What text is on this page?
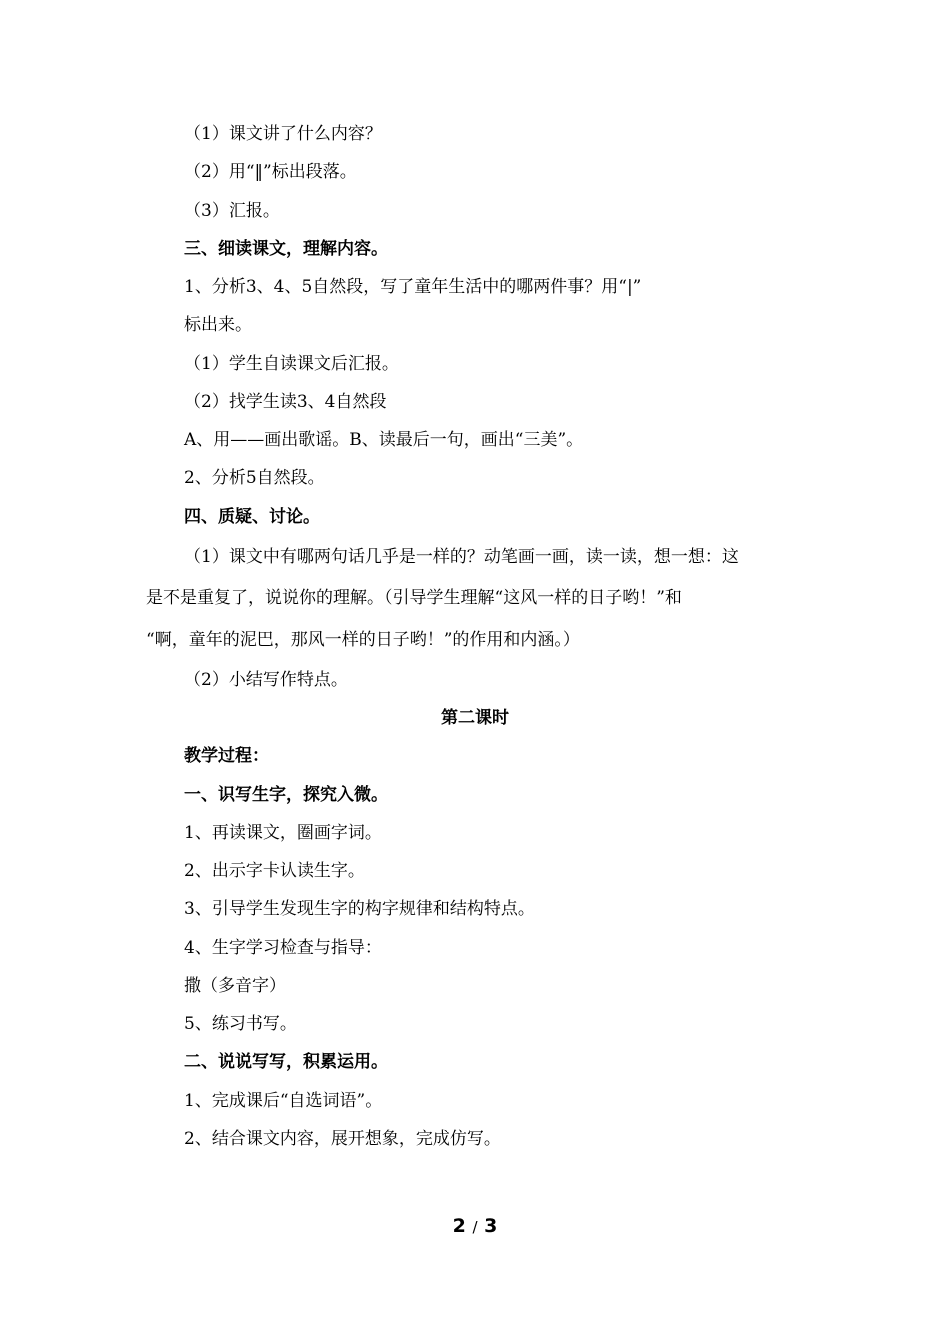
（1）课文讲了什么内容？
（2）用“‖”标出段落。
（3）汇报。
三、细读课文，理解内容。
1、分析3、4、5自然段，写了童年生活中的哪两件事？用“|”
标出来。
（1）学生自读课文后汇报。
（2）找学生读3、4自然段
A、用——画出歌谣。B、读最后一句，画出“三美”。
2、分析5自然段。
四、质疑、讨论。
（1）课文中有哪两句话几乎是一样的？动笔画一画，读一读，想一想：这
是不是重复了，说说你的理解。（引导学生理解“这风一样的日子哟！”和
“啊，童年的泥巴，那风一样的日子哟！”的作用和内涵。）
（2）小结写作特点。
第二课时
教学过程：
一、识写生字，探究入微。
1、再读课文，圈画字词。
2、出示字卡认读生字。
3、引导学生发现生字的构字规律和结构特点。
4、生字学习检查与指导：
撒（多音字）
5、练习书写。
二、说说写写，积累运用。
1、完成课后“自选词语”。
2、结合课文内容，展开想象，完成仿写。
2 / 3
